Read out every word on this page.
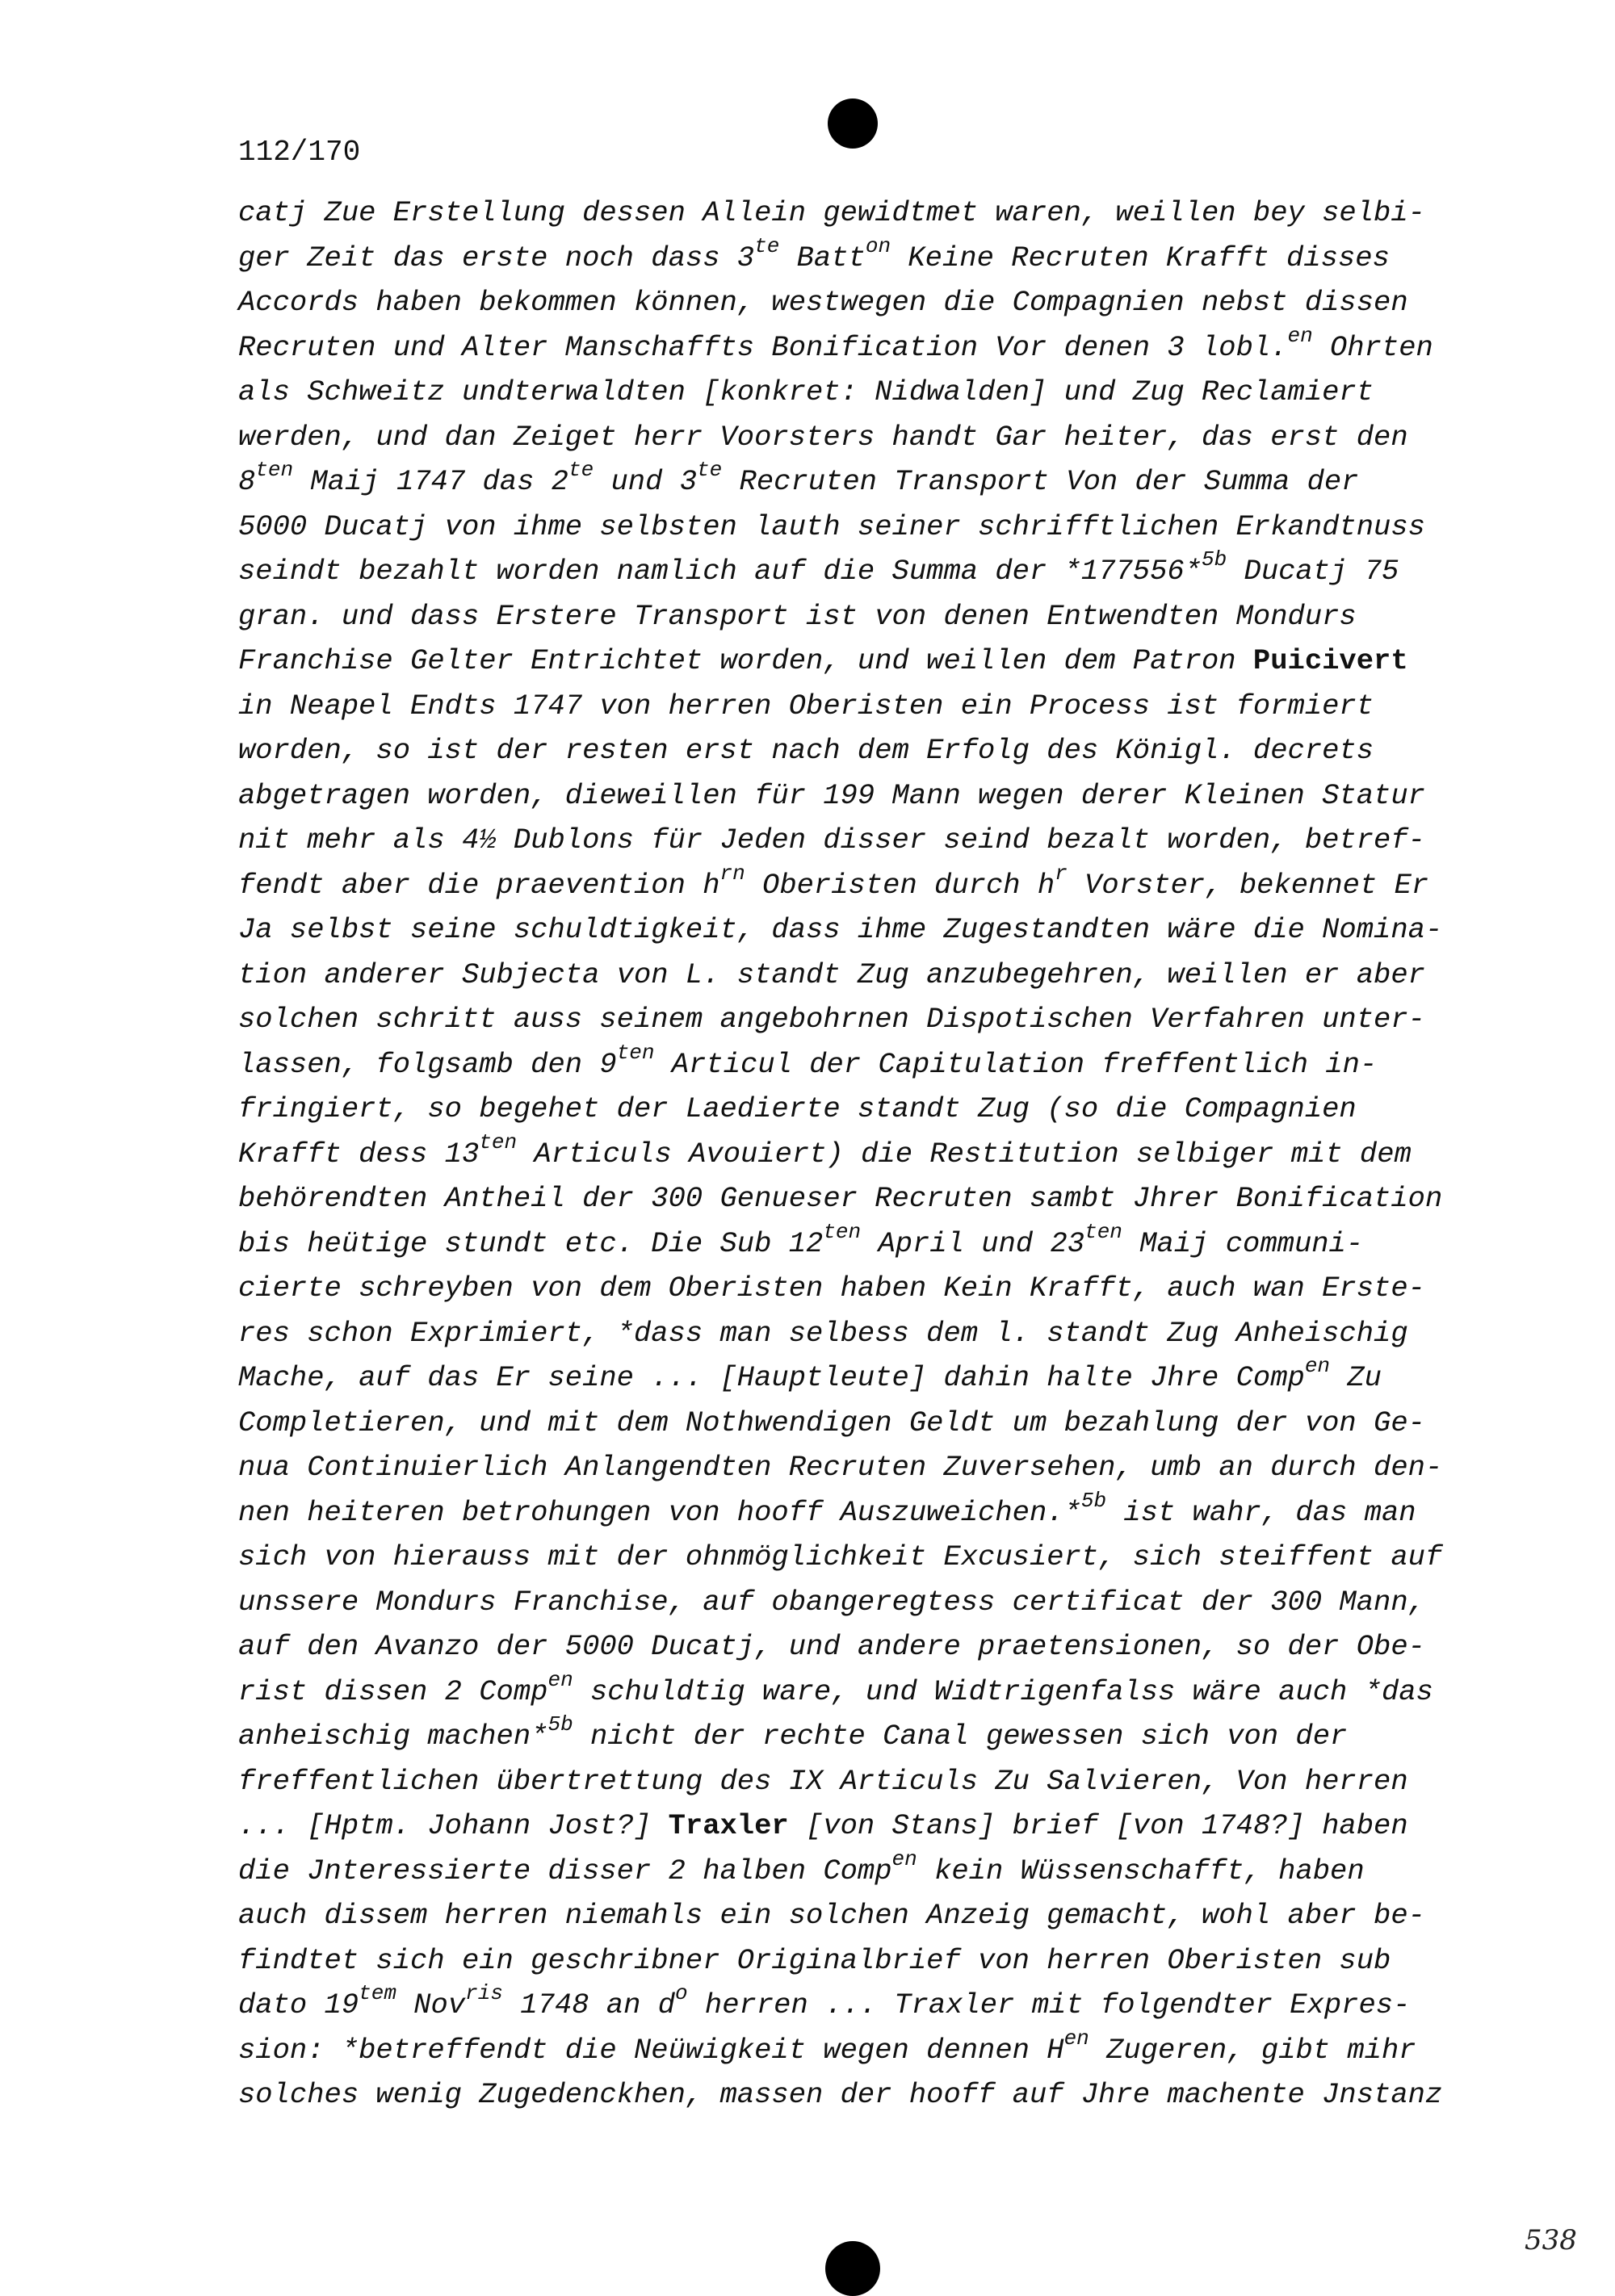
112/170
catj Zue Erstellung dessen Allein gewidtmet waren, weillen bey selbi-
ger Zeit das erste noch dass $3^{te}$ Batt$^{on}$ Keine Recruten Krafft disses
Accords haben bekommen können, westwegen die Compagnien nebst dissen
Recruten und Alter Manschaffts Bonification Vor denen 3 lobl.$^{en}$ Ohrten
als Schweitz undterwaldten [konkret: Nidwalden] und Zug Reclamiert
werden, und dan Zeiget herr Voorsters handt Gar heiter, das erst den
$8^{ten}$ Maij 1747 das $2^{te}$ und $3^{te}$ Recruten Transport Von der Summa der
5000 Ducatj von ihme selbsten lauth seiner schrifftlichen Erkandtnuss
seindt bezahlt worden namlich auf die Summa der *177556*$^{5b}$ Ducatj 75
gran. und dass Erstere Transport ist von denen Entwendten Mondurs
Franchise Gelter Entrichtet worden, und weillen dem Patron Puicivert
in Neapel Endts 1747 von herren Oberisten ein Process ist formiert
worden, so ist der resten erst nach dem Erfolg des Königl. decrets
abgetragen worden, dieweillen für 199 Mann wegen derer Kleinen Statur
nit mehr als 4½ Dublons für Jeden disser seind bezalt worden, betref-
fendt aber die praevention $h^{rn}$ Oberisten durch $h^r$ Vorster, bekennet Er
Ja selbst seine schuldtigkeit, dass ihme Zugestandten wäre die Nomina-
tion anderer Subjecta von L. standt Zug anzubegehren, weillen er aber
solchen schritt auss seinem angebohrnen Dispotischen Verfahren unter-
lassen, folgsamb den $9^{ten}$ Articul der Capitulation freffentlich in-
fringiert, so begehet der Laedierte standt Zug (so die Compagnien
Krafft dess $13^{ten}$ Articuls Avouiert) die Restitution selbiger mit dem
behörendten Antheil der 300 Genueser Recruten sambt Jhrer Bonification
bis heütige stundt etc. Die Sub $12^{ten}$ April und $23^{ten}$ Maij communi-
cierte schreyben von dem Oberisten haben Kein Krafft, auch wan Erste-
res schon Exprimiert, *dass man selbess dem l. standt Zug Anheischig
Mache, auf das Er seine ... [Hauptleute] dahin halte Jhre Comp$^{en}$ Zu
Completieren, und mit dem Nothwendigen Geldt um bezahlung der von Ge-
nua Continuierlich Anlangendten Recruten Zuversehen, umb an durch den-
nen heiteren betrohungen von hooff Auszuweichen.*$^{5b}$ ist wahr, das man
sich von hierauss mit der ohnmöglichkeit Excusiert, sich steiffent auf
unssere Mondurs Franchise, auf obangeregtess certificat der 300 Mann,
auf den Avanzo der 5000 Ducatj, und andere praetensionen, so der Obe-
rist dissen 2 Comp$^{en}$ schuldtig ware, und Widtrigenfalss wäre auch *das
anheischig machen*$^{5b}$ nicht der rechte Canal gewessen sich von der
freffentlichen übertrettung des IX Articuls Zu Salvieren, Von herren
... [Hptm. Johann Jost?] Traxler [von Stans] brief [von 1748?] haben
die Jnteressierte disser 2 halben Comp$^{en}$ kein Wüssenschafft, haben
auch dissem herren niemahls ein solchen Anzeig gemacht, wohl aber be-
findtet sich ein geschribner Originalbrief von herren Oberisten sub
dato $19^{tem}$ Nov$^{ris}$ 1748 an $d^o$ herren ... Traxler mit folgendter Expres-
sion: *betreffendt die Neüwigkeit wegen dennen $H^{en}$ Zugeren, gibt mihr
solches wenig Zugedenckhen, massen der hooff auf Jhre machente Jnstanz
538
